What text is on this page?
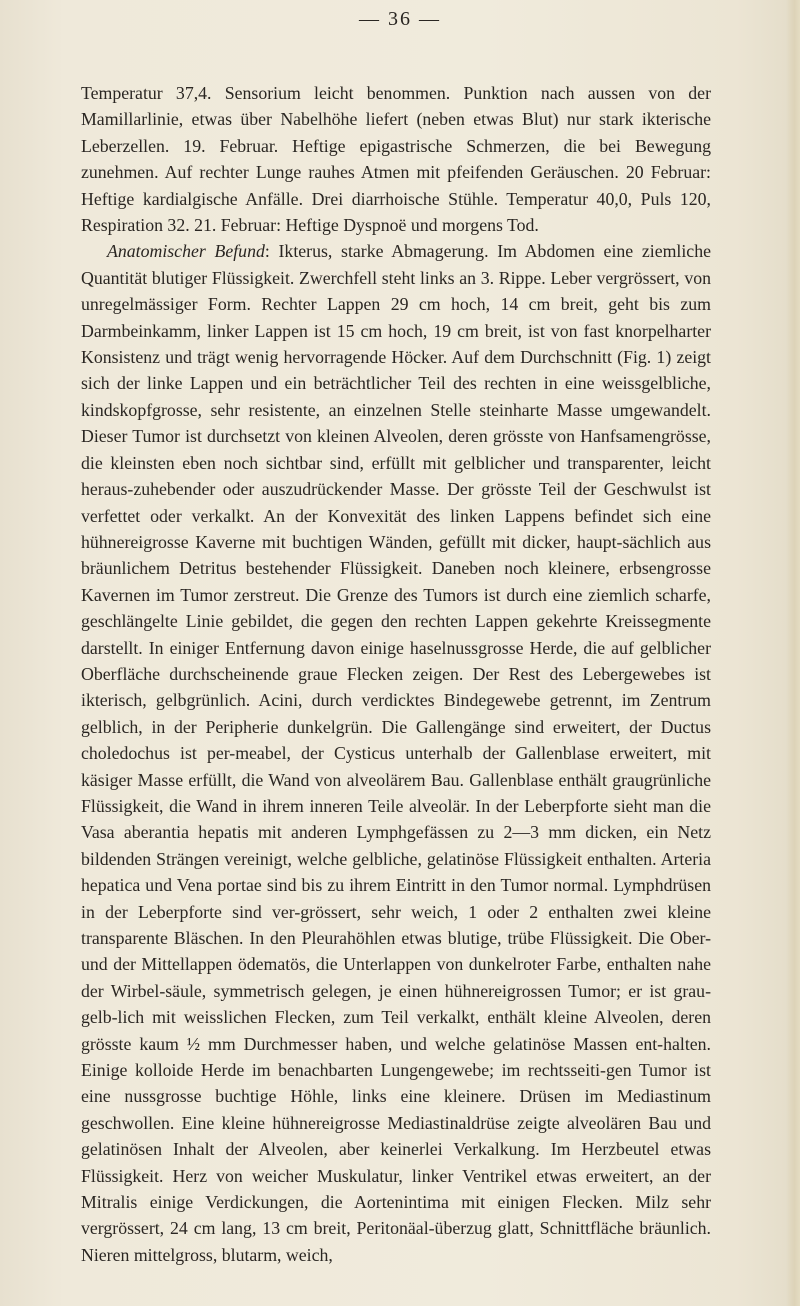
— 36 —

Temperatur 37,4. Sensorium leicht benommen. Punktion nach aussen von der Mamillarlinie, etwas über Nabelhöhe liefert (neben etwas Blut) nur stark ikterische Leberzellen. 19. Februar. Heftige epigastrische Schmerzen, die bei Bewegung zunehmen. Auf rechter Lunge rauhes Atmen mit pfeifenden Geräuschen. 20 Februar: Heftige kardialgische Anfälle. Drei diarrhoische Stühle. Temperatur 40,0, Puls 120, Respiration 32. 21. Februar: Heftige Dyspnoë und morgens Tod.

Anatomischer Befund: Ikterus, starke Abmagerung. Im Abdomen eine ziemliche Quantität blutiger Flüssigkeit. Zwerchfell steht links an 3. Rippe. Leber vergrössert, von unregelmässiger Form. Rechter Lappen 29 cm hoch, 14 cm breit, geht bis zum Darmbeinkamm, linker Lappen ist 15 cm hoch, 19 cm breit, ist von fast knorpelharter Konsistenz und trägt wenig hervorragende Höcker. Auf dem Durchschnitt (Fig. 1) zeigt sich der linke Lappen und ein beträchtlicher Teil des rechten in eine weissgelbliche, kindskopfgrosse, sehr resistente, an einzelnen Stelle steinharte Masse umgewandelt. Dieser Tumor ist durchsetzt von kleinen Alveolen, deren grösste von Hanfsamengrösse, die kleinsten eben noch sichtbar sind, erfüllt mit gelblicher und transparenter, leicht heraus-zuhebender oder auszudrückender Masse. Der grösste Teil der Geschwulst ist verfettet oder verkalkt. An der Konvexität des linken Lappens befindet sich eine hühnereigrosse Kaverne mit buchtigen Wänden, gefüllt mit dicker, haupt-sächlich aus bräunlichem Detritus bestehender Flüssigkeit. Daneben noch kleinere, erbsengrosse Kavernen im Tumor zerstreut. Die Grenze des Tumors ist durch eine ziemlich scharfe, geschlängelte Linie gebildet, die gegen den rechten Lappen gekehrte Kreissegmente darstellt. In einiger Entfernung davon einige haselnussgrosse Herde, die auf gelblicher Oberfläche durchscheinende graue Flecken zeigen. Der Rest des Lebergewebes ist ikterisch, gelbgrünlich. Acini, durch verdicktes Bindegewebe getrennt, im Zentrum gelblich, in der Peripherie dunkelgrün. Die Gallengänge sind erweitert, der Ductus choledochus ist per-meabel, der Cysticus unterhalb der Gallenblase erweitert, mit käsiger Masse erfüllt, die Wand von alveolärem Bau. Gallenblase enthält graugrünliche Flüssigkeit, die Wand in ihrem inneren Teile alveolär. In der Leberpforte sieht man die Vasa aberantia hepatis mit anderen Lymphgefässen zu 2—3 mm dicken, ein Netz bildenden Strängen vereinigt, welche gelbliche, gelatinöse Flüssigkeit enthalten. Arteria hepatica und Vena portae sind bis zu ihrem Eintritt in den Tumor normal. Lymphdrüsen in der Leberpforte sind ver-grössert, sehr weich, 1 oder 2 enthalten zwei kleine transparente Bläschen. In den Pleurahöhlen etwas blutige, trübe Flüssigkeit. Die Ober- und der Mittellappen ödematös, die Unterlappen von dunkelroter Farbe, enthalten nahe der Wirbel-säule, symmetrisch gelegen, je einen hühnereigrossen Tumor; er ist grau-gelb-lich mit weisslichen Flecken, zum Teil verkalkt, enthält kleine Alveolen, deren grösste kaum ½ mm Durchmesser haben, und welche gelatinöse Massen ent-halten. Einige kolloide Herde im benachbarten Lungengewebe; im rechtsseiti-gen Tumor ist eine nussgrosse buchtige Höhle, links eine kleinere. Drüsen im Mediastinum geschwollen. Eine kleine hühnereigrosse Mediastinaldrüse zeigte alveolären Bau und gelatinösen Inhalt der Alveolen, aber keinerlei Verkalkung. Im Herzbeutel etwas Flüssigkeit. Herz von weicher Muskulatur, linker Ventrikel etwas erweitert, an der Mitralis einige Verdickungen, die Aortenintima mit einigen Flecken. Milz sehr vergrössert, 24 cm lang, 13 cm breit, Peritonäal-überzug glatt, Schnittfläche bräunlich. Nieren mittelgross, blutarm, weich,
